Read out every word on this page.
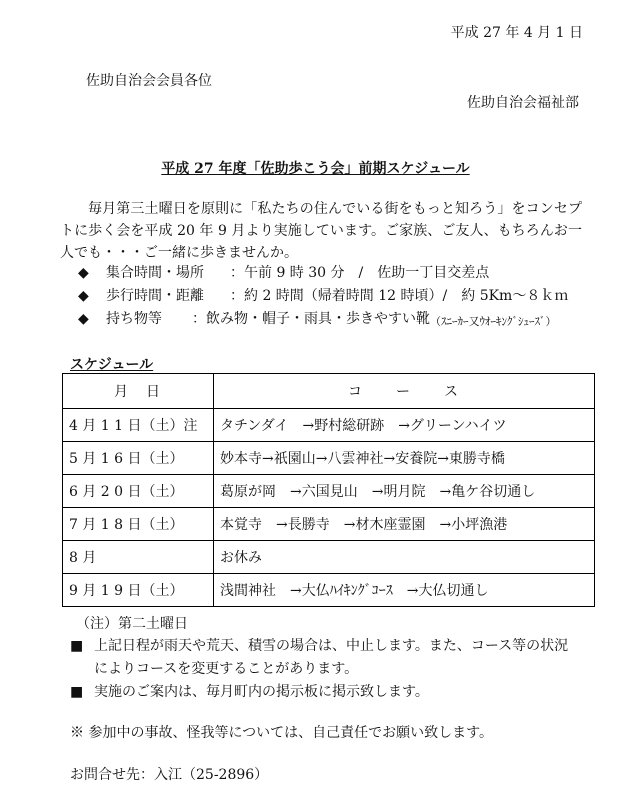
平成 27 年 4 月 1 日
佐助自治会会員各位
佐助自治会福祉部
平成 27 年度「佐助歩こう会」前期スケジュール
毎月第三土曜日を原則に「私たちの住んでいる街をもっと知ろう」をコンセプトに歩く会を平成 20 年 9 月より実施しています。ご家族、ご友人、もちろんお一人でも・・・ご一緒に歩きませんか。
◆	集合時間・場所	：午前 9 時 30 分　/　佐助一丁目交差点
◆	歩行時間・距離	：約 2 時間（帰着時間 12 時頃）/　約 5Km～８ｋｍ
◆	持ち物等	：飲み物・帽子・雨具・歩きやすい靴 （ｽﾆｰｶｰ又ｳｵｰｷﾝｸﾞｼｭｰｽﾞ）
スケジュール
月　日	コ　　ー　　ス
4 月 1 1 日（土）注	タチンダイ　→野村総研跡　→グリーンハイツ
5 月 1 6 日（土）	妙本寺→祇園山→八雲神社→安養院→東勝寺橋
6 月 2 0 日（土）	葛原が岡　→六国見山　→明月院　→亀ケ谷切通し
7 月 1 8 日（土）	本覚寺　→長勝寺　→材木座霊園　→小坪漁港
8 月	お休み
9 月 1 9 日（土）	浅間神社　→大仏ﾊｲｷﾝｸﾞｺｰｽ　→大仏切通し
（注）第二土曜日
■ 上記日程が雨天や荒天、積雪の場合は、中止します。また、コース等の状況
によりコースを変更することがあります。
■ 実施のご案内は、毎月町内の掲示板に掲示致します。
※ 参加中の事故、怪我等については、自己責任でお願い致します。
お問合せ先：入江（25-2896）
